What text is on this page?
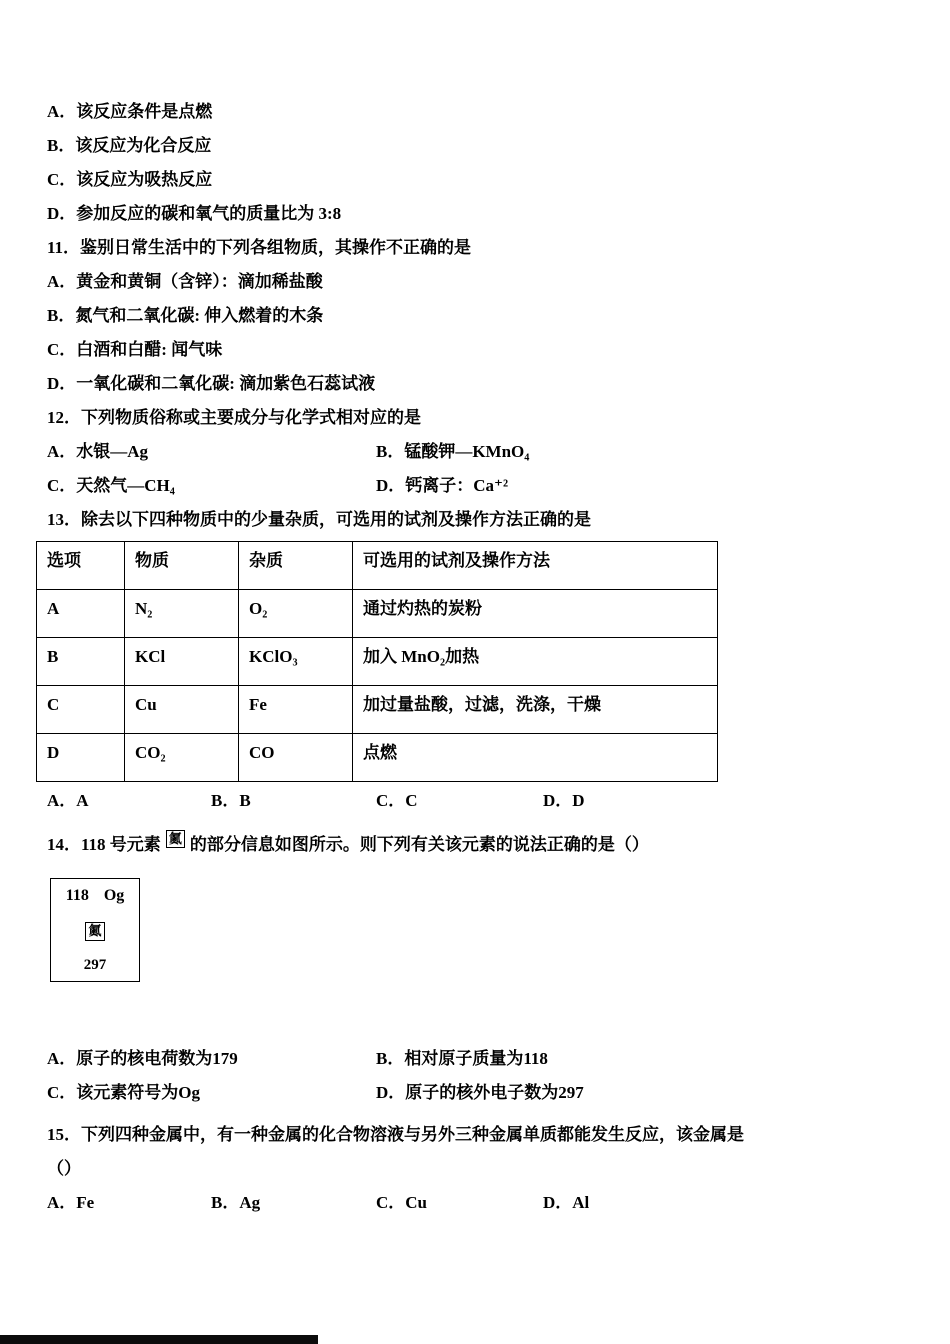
A．该反应条件是点燃
B．该反应为化合反应
C．该反应为吸热反应
D．参加反应的碳和氧气的质量比为 3:8
11．鉴别日常生活中的下列各组物质，其操作不正确的是
A．黄金和黄铜（含锌）：滴加稀盐酸
B．氮气和二氧化碳: 伸入燃着的木条
C．白酒和白醋: 闻气味
D．一氧化碳和二氧化碳: 滴加紫色石蕊试液
12．下列物质俗称或主要成分与化学式相对应的是
A．水银—Ag	B．锰酸钾—KMnO₄
C．天然气—CH₄	D．钙离子：Ca⁺²
13．除去以下四种物质中的少量杂质，可选用的试剂及操作方法正确的是
选项	物质	杂质	可选用的试剂及操作方法
A	N₂	O₂	通过灼热的炭粉
B	KCl	KClO₃	加入 MnO₂加热
C	Cu	Fe	加过量盐酸，过滤，洗涤，干燥
D	CO₂	CO	点燃
A．A	B．B	C．C	D．D
14．118 号元素 鿫 的部分信息如图所示。则下列有关该元素的说法正确的是（）
118 Og
鿫
297
A．原子的核电荷数为179	B．相对原子质量为118
C．该元素符号为Og	D．原子的核外电子数为297
15．下列四种金属中，有一种金属的化合物溶液与另外三种金属单质都能发生反应，该金属是
（）
A．Fe	B．Ag	C．Cu	D．Al
